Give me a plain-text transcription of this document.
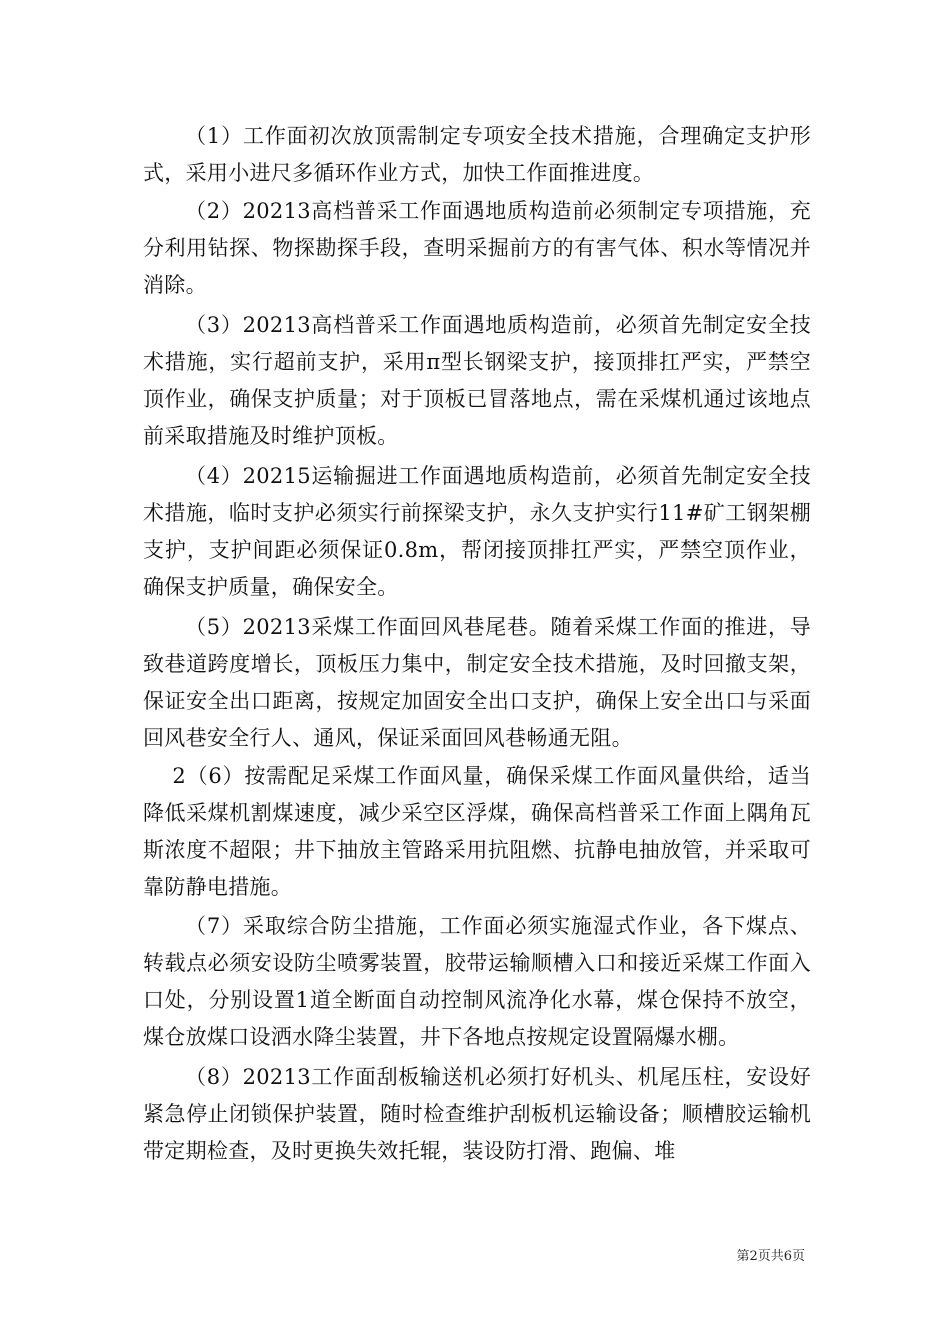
（1）工作面初次放顶需制定专项安全技术措施，合理确定支护形式，采用小进尺多循环作业方式，加快工作面推进度。

（2）20213高档普采工作面遇地质构造前必须制定专项措施，充分利用钻探、物探勘探手段，查明采掘前方的有害气体、积水等情况并消除。

（3）20213高档普采工作面遇地质构造前，必须首先制定安全技术措施，实行超前支护，采用π型长钢梁支护，接顶排扛严实，严禁空顶作业，确保支护质量；对于顶板已冒落地点，需在采煤机通过该地点前采取措施及时维护顶板。

（4）20215运输掘进工作面遇地质构造前，必须首先制定安全技术措施，临时支护必须实行前探梁支护，永久支护实行11#矿工钢架棚支护，支护间距必须保证0.8m，帮闭接顶排扛严实，严禁空顶作业，确保支护质量，确保安全。

（5）20213采煤工作面回风巷尾巷。随着采煤工作面的推进，导致巷道跨度增长，顶板压力集中，制定安全技术措施，及时回撤支架，保证安全出口距离，按规定加固安全出口支护，确保上安全出口与采面回风巷安全行人、通风，保证采面回风巷畅通无阻。

2（6）按需配足采煤工作面风量，确保采煤工作面风量供给，适当降低采煤机割煤速度，减少采空区浮煤，确保高档普采工作面上隅角瓦斯浓度不超限；井下抽放主管路采用抗阻燃、抗静电抽放管，并采取可靠防静电措施。

（7）采取综合防尘措施，工作面必须实施湿式作业，各下煤点、转载点必须安设防尘喷雾装置，胶带运输顺槽入口和接近采煤工作面入口处，分别设置1道全断面自动控制风流净化水幕，煤仓保持不放空，煤仓放煤口设洒水降尘装置，井下各地点按规定设置隔爆水棚。

（8）20213工作面刮板输送机必须打好机头、机尾压柱，安设好紧急停止闭锁保护装置，随时检查维护刮板机运输设备；顺槽胶运输机带定期检查，及时更换失效托辊，装设防打滑、跑偏、堆

第2页共6页
